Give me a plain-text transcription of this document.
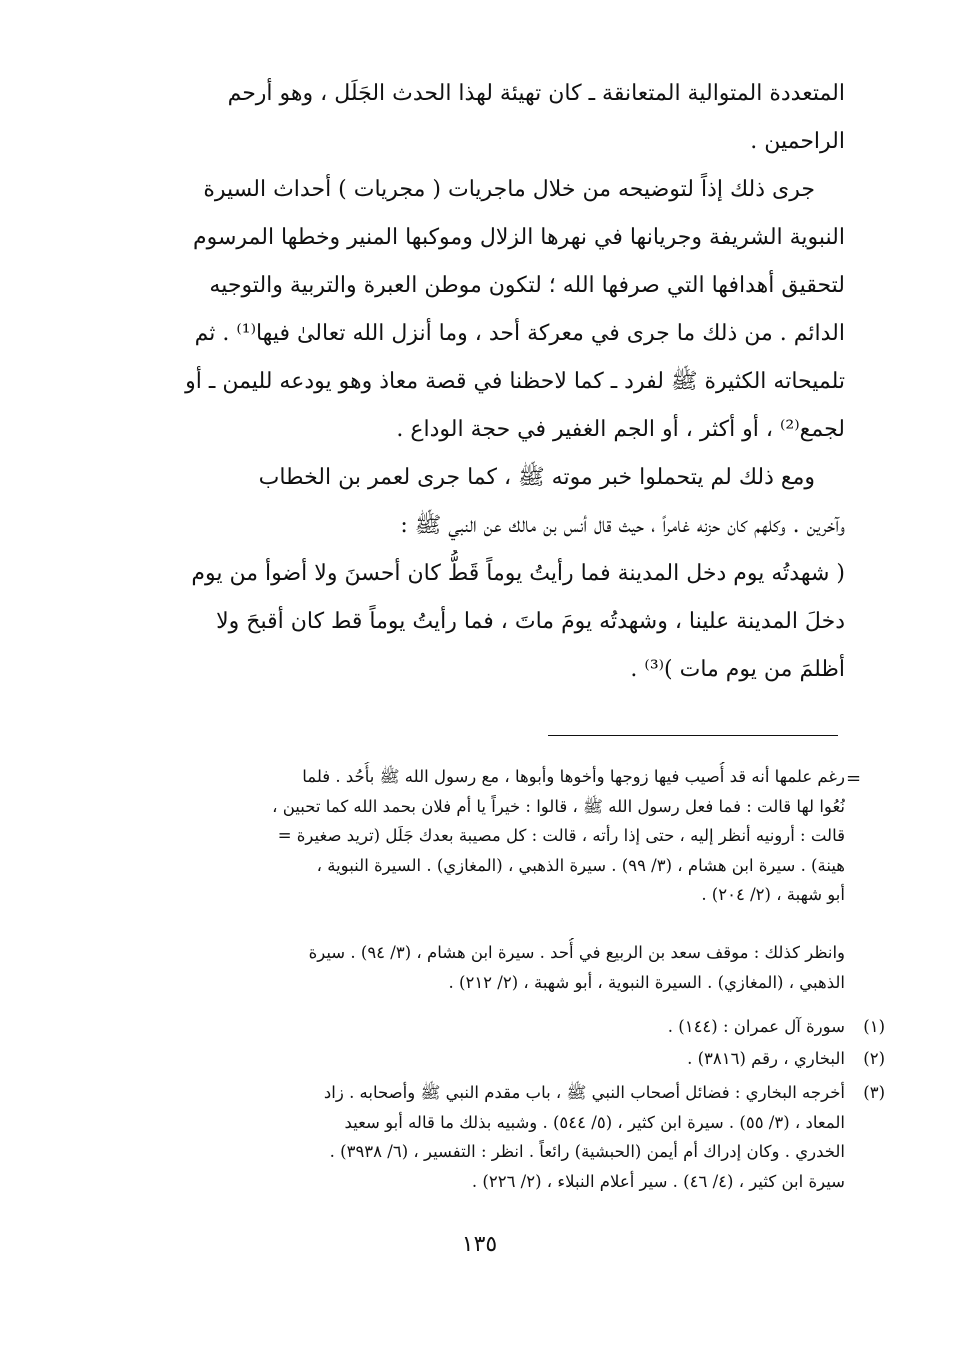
المتعددة المتوالية المتعانقة ـ كان تهيئة لهذا الحدث الجَلَل ، وهو أرحم
الراحمين .
جرى ذلك إذاً لتوضيحه من خلال ماجريات ( مجريات ) أحداث السيرة
النبوية الشريفة وجريانها في نهرها الزلال وموكبها المنير وخطها المرسوم
لتحقيق أهدافها التي صرفها الله ؛ لتكون موطن العبرة والتربية والتوجيه
الدائم . من ذلك ما جرى في معركة أحد ، وما أنزل الله تعالىٰ فيها⁽¹⁾ . ثم
تلميحاته الكثيرة ﷺ لفرد ـ كما لاحظنا في قصة معاذ وهو يودعه لليمن ـ أو
لجمع⁽²⁾ ، أو أكثر ، أو الجم الغفير في حجة الوداع .
ومع ذلك لم يتحملوا خبر موته ﷺ ، كما جرى لعمر بن الخطاب
وآخرين . وكلهم كان حزنه غامراً ، حيث قال أنس بن مالك عن النبي ﷺ :
( شهدتُه يوم دخل المدينة فما رأيتُ يوماً قَطُّ كان أحسنَ ولا أضوأ من يوم
دخلَ المدينة علينا ، وشهدتُه يومَ ماتَ ، فما رأيتُ يوماً قط كان أقبحَ ولا
أظلمَ من يوم مات )⁽³⁾ .
=
رغم علمها أنه قد أُصيب فيها زوجها وأخوها وأبوها ، مع رسول الله ﷺ بأُحُد . فلما
نُعُوا لها قالت : فما فعل رسول الله ﷺ ، قالوا : خيراً يا أم فلان بحمد الله كما تحبين ،
قالت : أرونيه أنظر إليه ، حتى إذا رأته ، قالت : كل مصيبة بعدك جَلَل (تريد صغيرة =
هينة) . سيرة ابن هشام ، (٣/ ٩٩) . سيرة الذهبي ، (المغازي) . السيرة النبوية ،
أبو شهبة ، (٢/ ٢٠٤) .
وانظر كذلك : موقف سعد بن الربيع في أُحد . سيرة ابن هشام ، (٣/ ٩٤) . سيرة
الذهبي ، (المغازي) . السيرة النبوية ، أبو شهبة ، (٢/ ٢١٢) .
(١)
سورة آل عمران : (١٤٤) .
(٢)
البخاري ، رقم (٣٨١٦) .
(٣)
أخرجه البخاري : فضائل أصحاب النبي ﷺ ، باب مقدم النبي ﷺ وأصحابه . زاد
المعاد ، (٣/ ٥٥) . سيرة ابن كثير ، (٥/ ٥٤٤) . وشبيه بذلك ما قاله أبو سعيد
الخدري . وكان إدراك أم أيمن (الحبشية) رائعاً . انظر : التفسير ، (٦/ ٣٩٣٨) .
سيرة ابن كثير ، (٤/ ٤٦) . سير أعلام النبلاء ، (٢/ ٢٢٦) .
١٣٥
